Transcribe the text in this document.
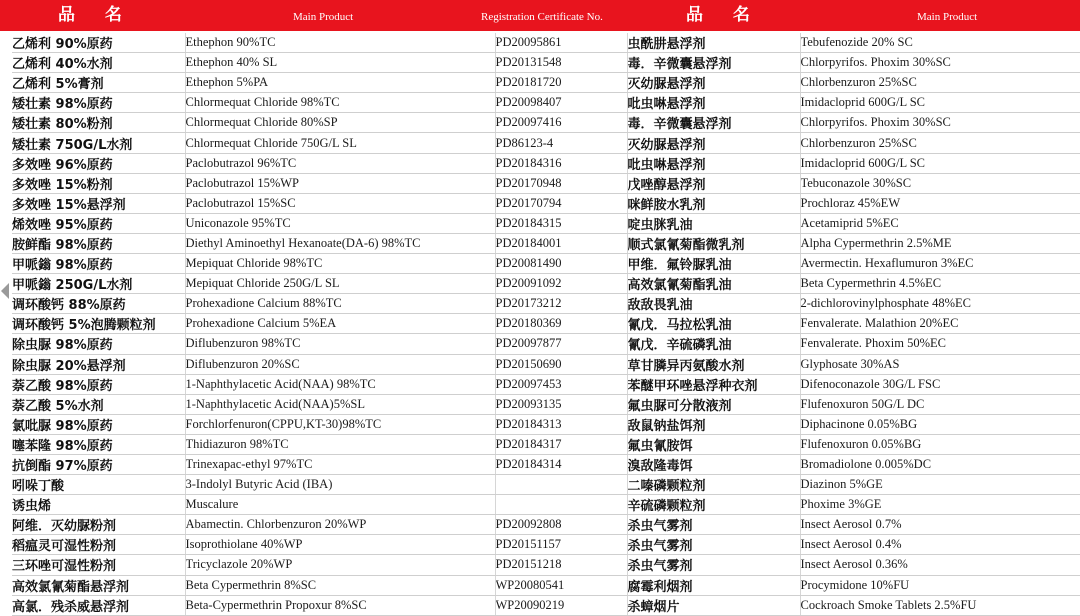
品 名	Main Product	Registration Certificate No.	品 名	Main Product
乙烯利 90%原药	Ethephon 90%TC	PD20095861	虫酰肼悬浮剂	Tebufenozide 20% SC
乙烯利 40%水剂	Ethephon 40% SL	PD20131548	毒．辛微囊悬浮剂	Chlorpyrifos. Phoxim 30%SC
乙烯利 5%膏剂	Ethephon 5%PA	PD20181720	灭幼脲悬浮剂	Chlorbenzuron 25%SC
矮壮素 98%原药	Chlormequat Chloride 98%TC	PD20098407	吡虫啉悬浮剂	Imidacloprid 600G/L SC
矮壮素 80%粉剂	Chlormequat Chloride 80%SP	PD20097416	毒．辛微囊悬浮剂	Chlorpyrifos. Phoxim 30%SC
矮壮素 750G/L水剂	Chlormequat Chloride 750G/L SL	PD86123-4	灭幼脲悬浮剂	Chlorbenzuron 25%SC
多效唑 96%原药	Paclobutrazol 96%TC	PD20184316	吡虫啉悬浮剂	Imidacloprid 600G/L SC
多效唑 15%粉剂	Paclobutrazol 15%WP	PD20170948	戊唑醇悬浮剂	Tebuconazole 30%SC
多效唑 15%悬浮剂	Paclobutrazol 15%SC	PD20170794	咪鲜胺水乳剂	Prochloraz 45%EW
烯效唑 95%原药	Uniconazole 95%TC	PD20184315	啶虫脒乳油	Acetamiprid 5%EC
胺鲜酯 98%原药	Diethyl Aminoethyl Hexanoate(DA-6) 98%TC	PD20184001	顺式氯氰菊酯微乳剂	Alpha Cypermethrin 2.5%ME
甲哌鎓 98%原药	Mepiquat Chloride 98%TC	PD20081490	甲维．氟铃脲乳油	Avermectin. Hexaflumuron 3%EC
甲哌鎓 250G/L水剂	Mepiquat Chloride 250G/L SL	PD20091092	高效氯氰菊酯乳油	Beta Cypermethrin 4.5%EC
调环酸钙 88%原药	Prohexadione Calcium 88%TC	PD20173212	敌敌畏乳油	2-dichlorovinylphosphate 48%EC
调环酸钙 5%泡腾颗粒剂	Prohexadione Calcium 5%EA	PD20180369	氰戊．马拉松乳油	Fenvalerate. Malathion 20%EC
除虫脲 98%原药	Diflubenzuron 98%TC	PD20097877	氰戊．辛硫磷乳油	Fenvalerate. Phoxim 50%EC
除虫脲 20%悬浮剂	Diflubenzuron 20%SC	PD20150690	草甘膦异丙氨酸水剂	Glyphosate 30%AS
萘乙酸 98%原药	1-Naphthylacetic Acid(NAA) 98%TC	PD20097453	苯醚甲环唑悬浮种衣剂	Difenoconazole 30G/L FSC
萘乙酸 5%水剂	1-Naphthylacetic Acid(NAA)5%SL	PD20093135	氟虫脲可分散液剂	Flufenoxuron 50G/L DC
氯吡脲 98%原药	Forchlorfenuron(CPPU,KT-30)98%TC	PD20184313	敌鼠钠盐饵剂	Diphacinone 0.05%BG
噻苯隆 98%原药	Thidiazuron 98%TC	PD20184317	氟虫氰胺饵	Flufenoxuron 0.05%BG
抗倒酯 97%原药	Trinexapac-ethyl 97%TC	PD20184314	溴敌隆毒饵	Bromadiolone 0.005%DC
吲哚丁酸	3-Indolyl Butyric Acid (IBA)		二嗪磷颗粒剂	Diazinon 5%GE
诱虫烯	Muscalure		辛硫磷颗粒剂	Phoxime 3%GE
阿维．灭幼脲粉剂	Abamectin. Chlorbenzuron 20%WP	PD20092808	杀虫气雾剂	Insect Aerosol 0.7%
稻瘟灵可湿性粉剂	Isoprothiolane 40%WP	PD20151157	杀虫气雾剂	Insect Aerosol 0.4%
三环唑可湿性粉剂	Tricyclazole 20%WP	PD20151218	杀虫气雾剂	Insect Aerosol 0.36%
高效氯氰菊酯悬浮剂	Beta Cypermethrin 8%SC	WP20080541	腐霉利烟剂	Procymidone 10%FU
高氯．残杀威悬浮剂	Beta-Cypermethrin Propoxur 8%SC	WP20090219	杀蟑烟片	Cockroach Smoke Tablets 2.5%FU
